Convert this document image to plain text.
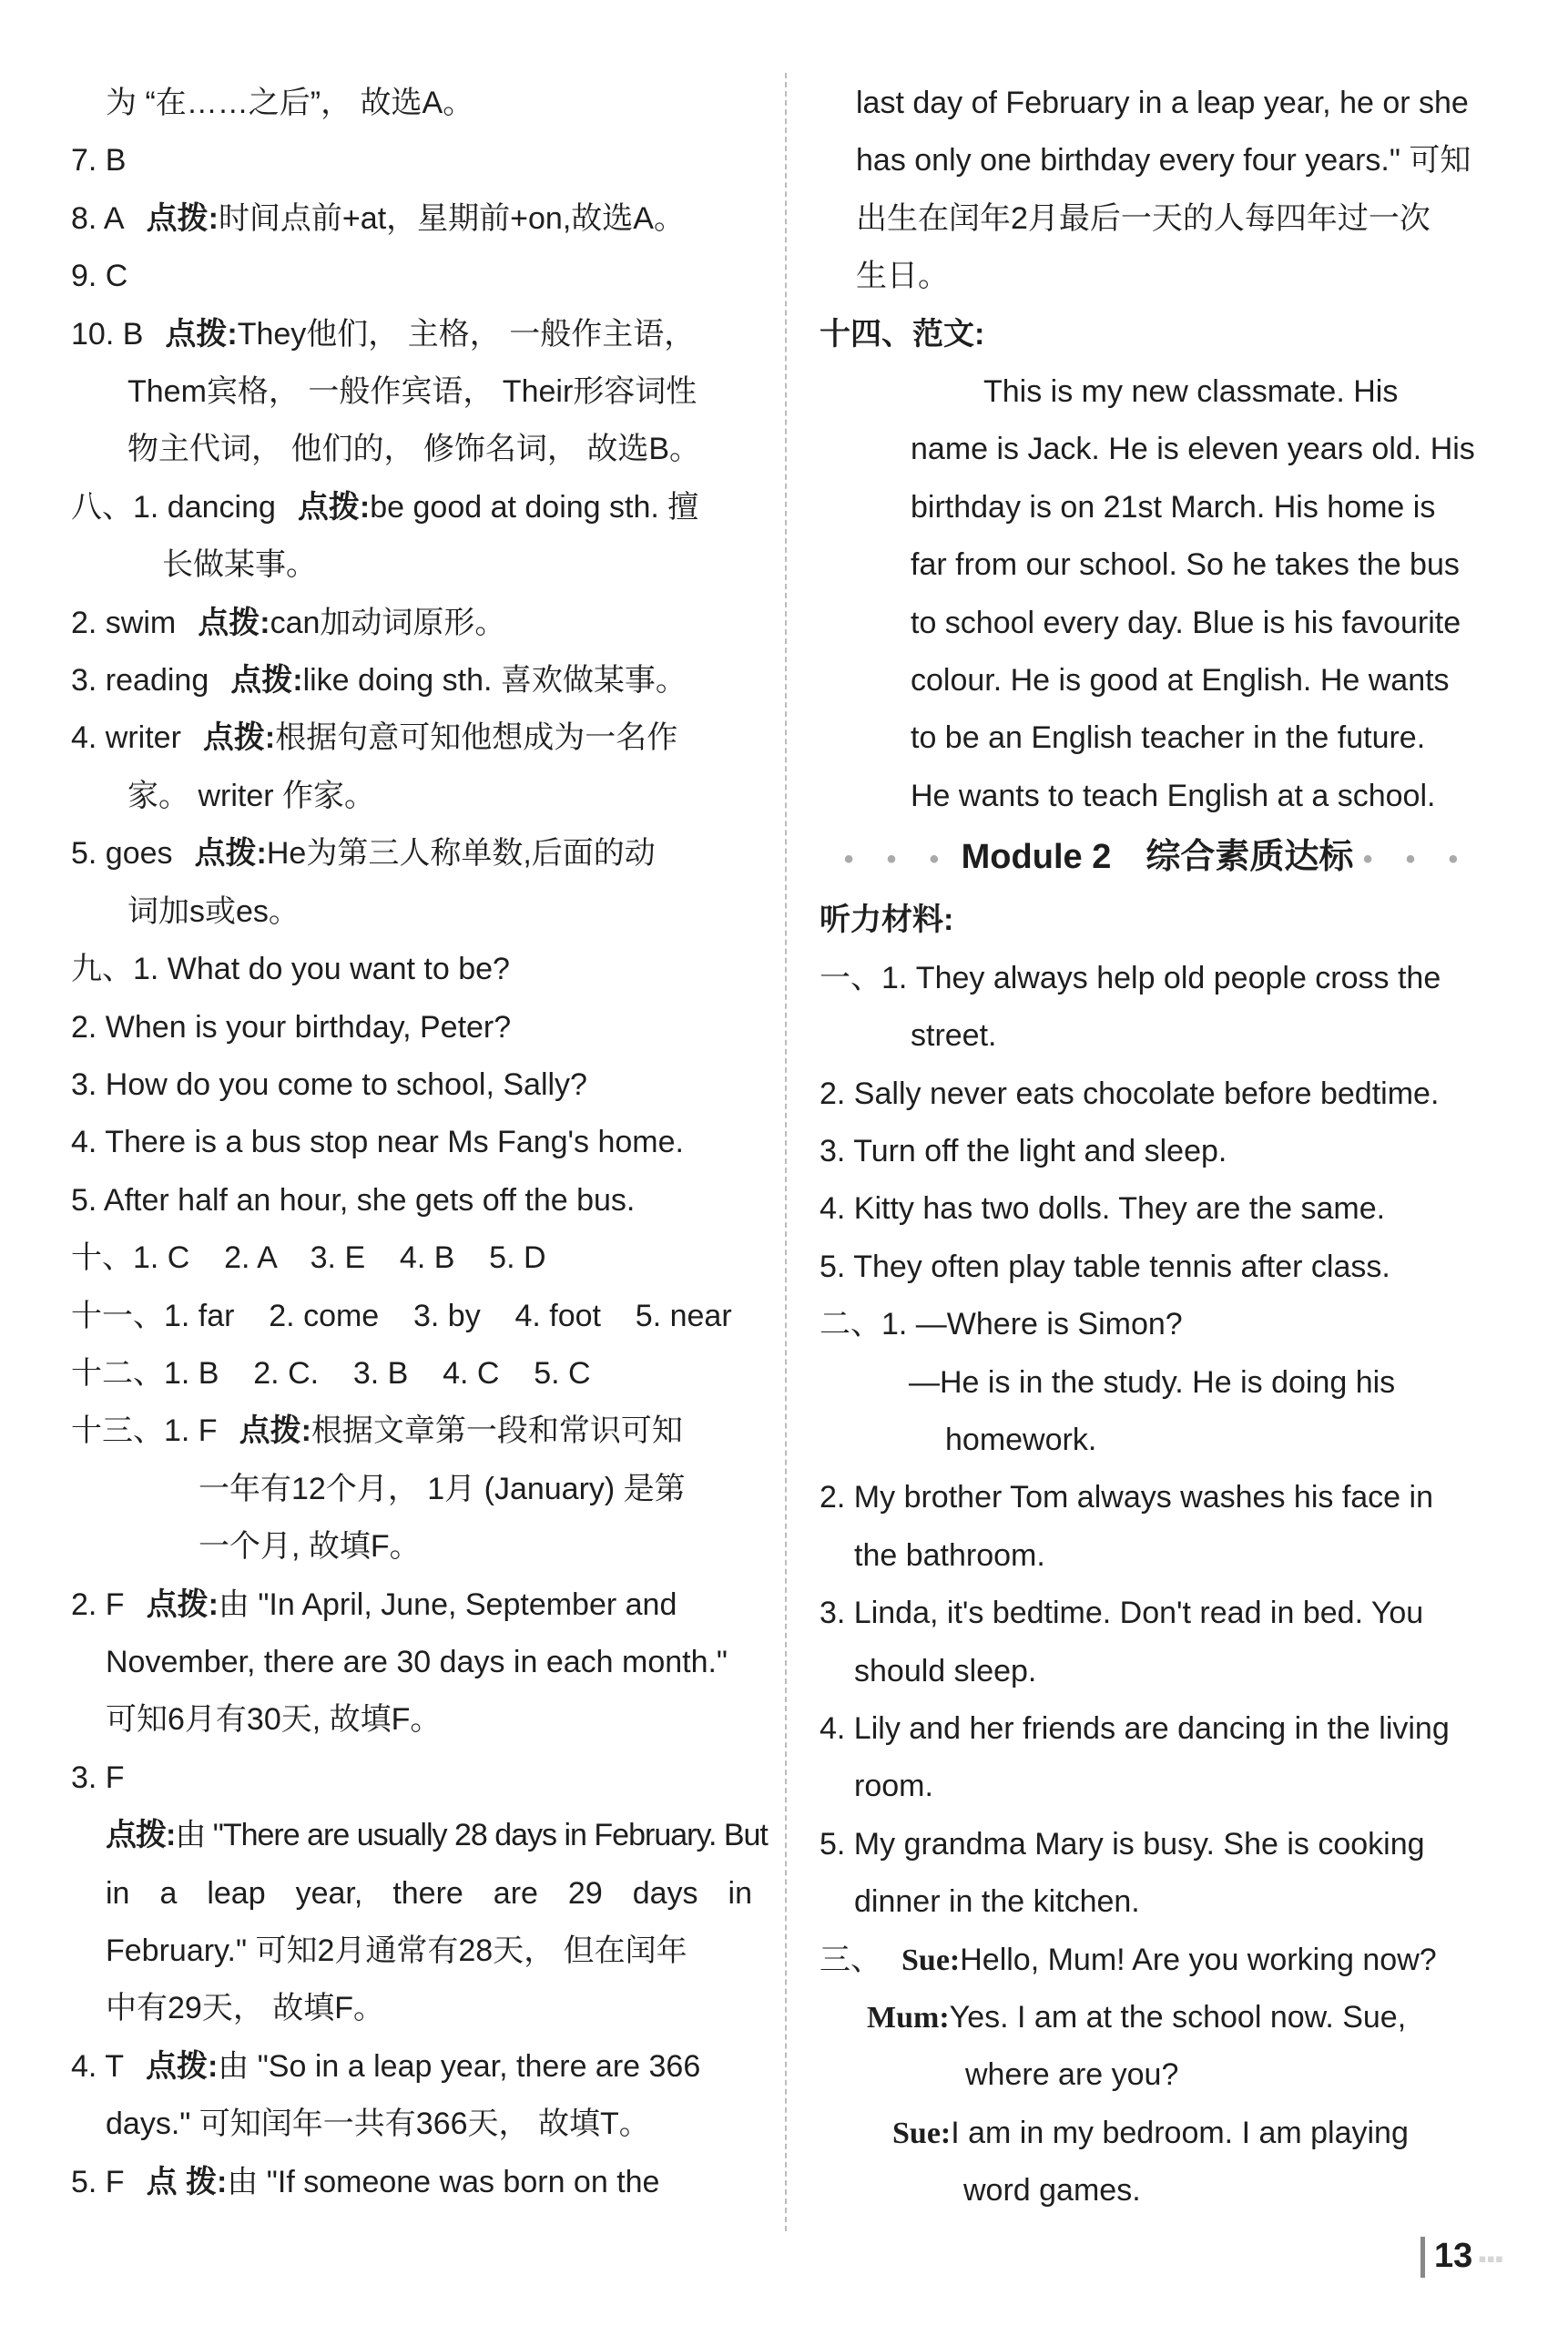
为 “在……之后”， 故选A。
7. B
8. A 点拨:时间点前+at，星期前+on,故选A。
9. C
10. B 点拨:They他们， 主格， 一般作主语，
Them宾格， 一般作宾语， Their形容词性
物主代词， 他们的， 修饰名词， 故选B。
八、1. dancing 点拨:be good at doing sth. 擅
长做某事。
2. swim 点拨:can加动词原形。
3. reading 点拨:like doing sth. 喜欢做某事。
4. writer 点拨:根据句意可知他想成为一名作
家。 writer 作家。
5. goes 点拨:He为第三人称单数,后面的动
词加s或es。
九、1. What do you want to be?
2. When is your birthday, Peter?
3. How do you come to school, Sally?
4. There is a bus stop near Ms Fang's home.
5. After half an hour, she gets off the bus.
十、1. C    2. A    3. E    4. B    5. D
十一、1. far    2. come    3. by    4. foot    5. near
十二、1. B    2. C.    3. B    4. C    5. C
十三、1. F 点拨:根据文章第一段和常识可知
一年有12个月， 1月 (January) 是第
一个月, 故填F。
2. F 点拨:由 "In April, June, September and
November, there are 30 days in each month."
可知6月有30天, 故填F。
3. F
点拨:由 "There are usually 28 days in February. But
in a leap year, there are 29 days in
February." 可知2月通常有28天， 但在闰年
中有29天， 故填F。
4. T 点拨:由 "So in a leap year, there are 366
days." 可知闰年一共有366天， 故填T。
5. F 点 拨:由 "If someone was born on the
last day of February in a leap year, he or she
has only one birthday every four years." 可知
出生在闰年2月最后一天的人每四年过一次
生日。
十四、范文:
This is my new classmate. His
name is Jack. He is eleven years old. His
birthday is on 21st March. His home is
far from our school. So he takes the bus
to school every day. Blue is his favourite
colour. He is good at English. He wants
to be an English teacher in the future.
He wants to teach English at a school.
• • • Module 2　综合素质达标 • • •
听力材料:
一、1. They always help old people cross the
street.
2. Sally never eats chocolate before bedtime.
3. Turn off the light and sleep.
4. Kitty has two dolls. They are the same.
5. They often play table tennis after class.
二、1. —Where is Simon?
—He is in the study. He is doing his
homework.
2. My brother Tom always washes his face in
the bathroom.
3. Linda, it's bedtime. Don't read in bed. You
should sleep.
4. Lily and her friends are dancing in the living
room.
5. My grandma Mary is busy. She is cooking
dinner in the kitchen.
三、 Sue:Hello, Mum! Are you working now?
Mum:Yes. I am at the school now. Sue,
where are you?
Sue:I am in my bedroom. I am playing
word games.
13 ▪▪▪
